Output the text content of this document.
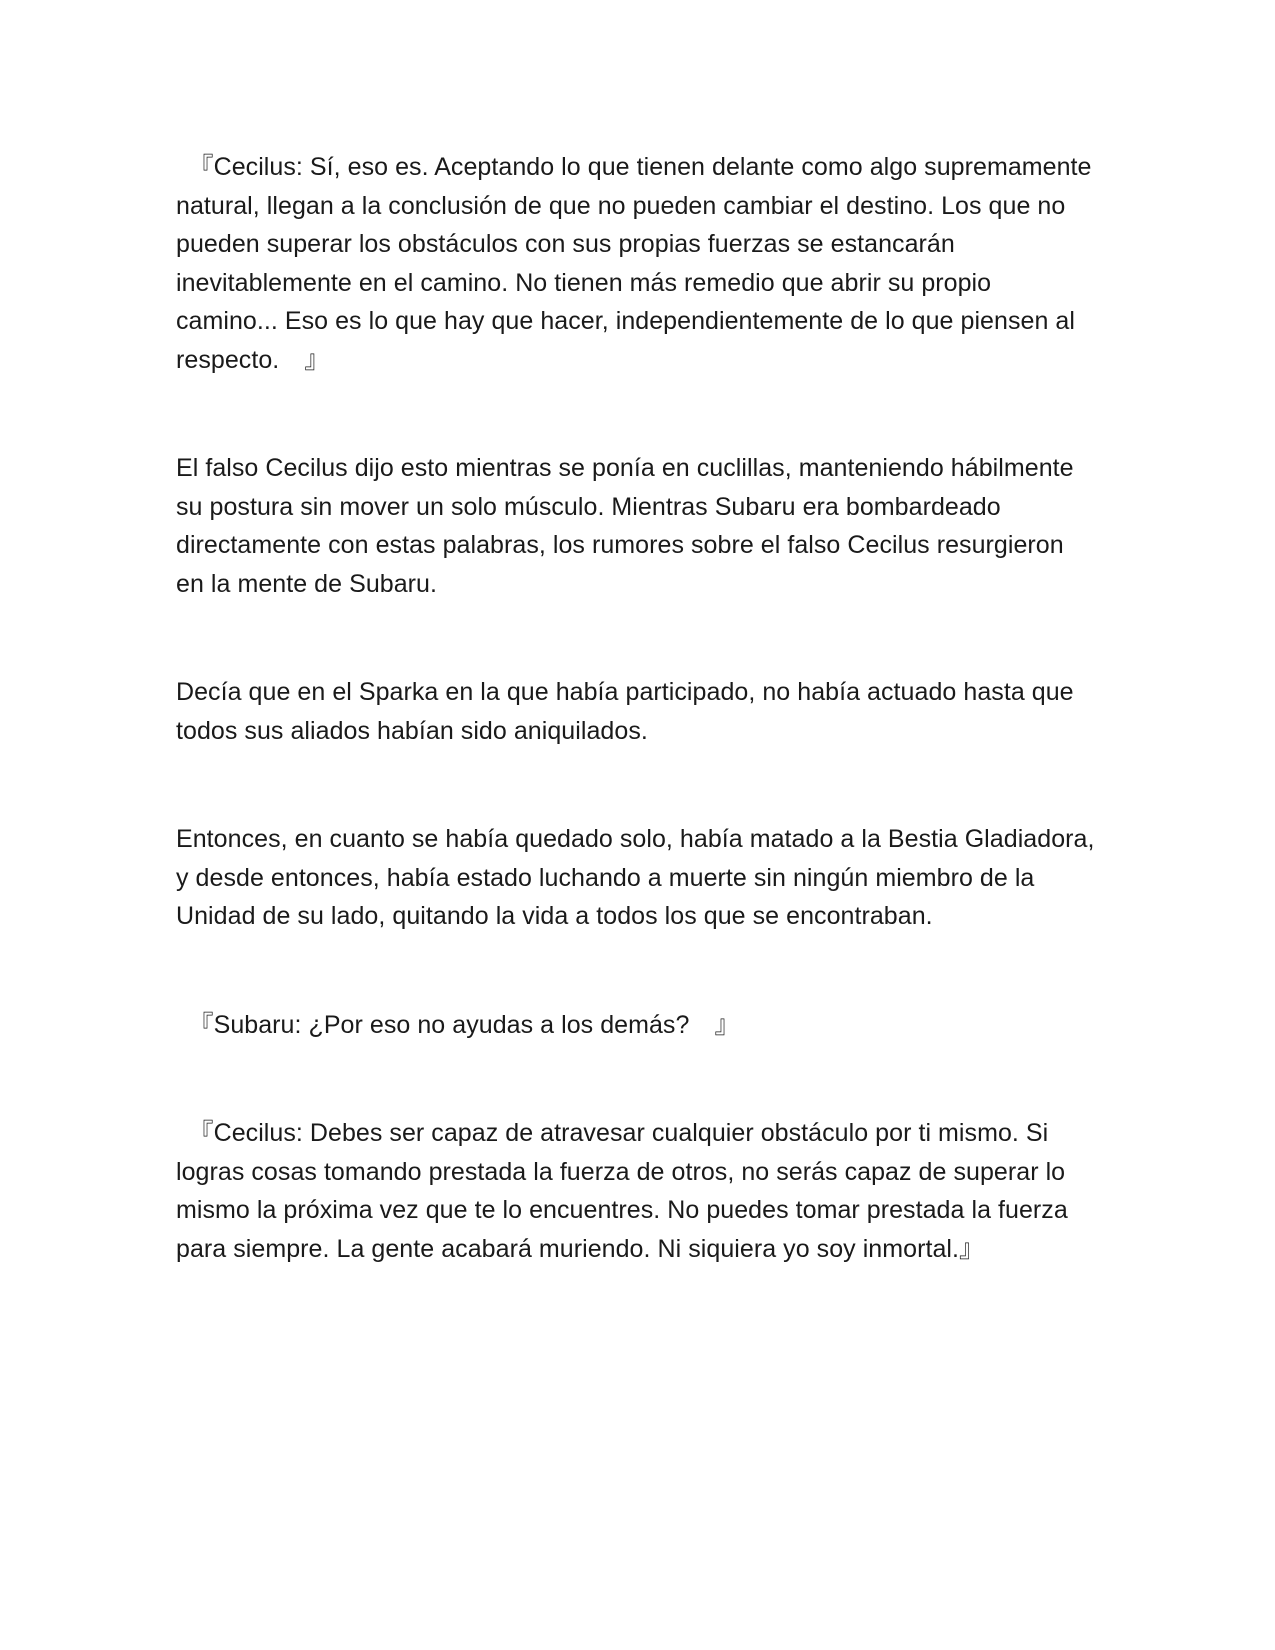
　『Cecilus: Sí, eso es. Aceptando lo que tienen delante como algo supremamente natural, llegan a la conclusión de que no pueden cambiar el destino. Los que no pueden superar los obstáculos con sus propias fuerzas se estancarán inevitablemente en el camino. No tienen más remedio que abrir su propio camino... Eso es lo que hay que hacer, independientemente de lo que piensen al respecto.　』

El falso Cecilus dijo esto mientras se ponía en cuclillas, manteniendo hábilmente su postura sin mover un solo músculo. Mientras Subaru era bombardeado directamente con estas palabras, los rumores sobre el falso Cecilus resurgieron en la mente de Subaru.

Decía que en el Sparka en la que había participado, no había actuado hasta que todos sus aliados habían sido aniquilados.

Entonces, en cuanto se había quedado solo, había matado a la Bestia Gladiadora, y desde entonces, había estado luchando a muerte sin ningún miembro de la Unidad de su lado, quitando la vida a todos los que se encontraban.

　『Subaru: ¿Por eso no ayudas a los demás?　』

　『Cecilus: Debes ser capaz de atravesar cualquier obstáculo por ti mismo. Si logras cosas tomando prestada la fuerza de otros, no serás capaz de superar lo mismo la próxima vez que te lo encuentres. No puedes tomar prestada la fuerza para siempre. La gente acabará muriendo. Ni siquiera yo soy inmortal.』
